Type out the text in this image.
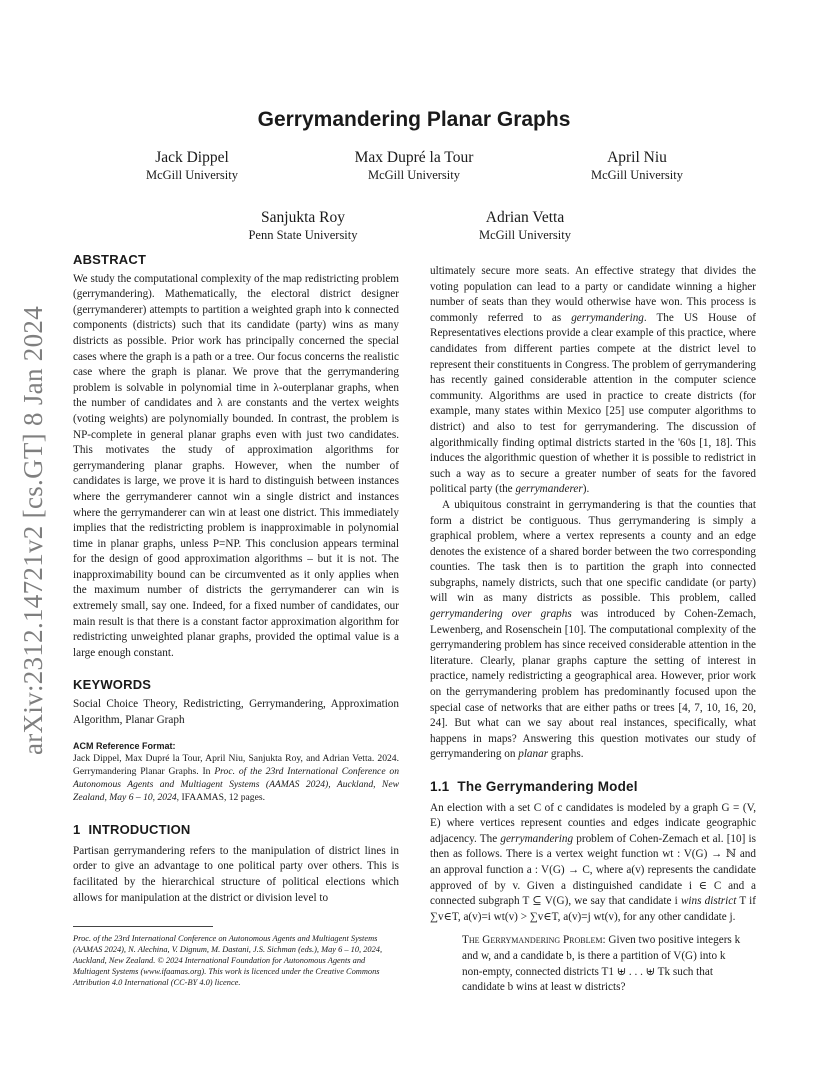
arXiv:2312.14721v2 [cs.GT] 8 Jan 2024
Gerrymandering Planar Graphs
Jack Dippel
McGill University
Max Dupré la Tour
McGill University
April Niu
McGill University
Sanjukta Roy
Penn State University
Adrian Vetta
McGill University
ABSTRACT

We study the computational complexity of the map redistricting problem (gerrymandering). Mathematically, the electoral district designer (gerrymanderer) attempts to partition a weighted graph into k connected components (districts) such that its candidate (party) wins as many districts as possible. Prior work has principally concerned the special cases where the graph is a path or a tree. Our focus concerns the realistic case where the graph is planar. We prove that the gerrymandering problem is solvable in polynomial time in λ-outerplanar graphs, when the number of candidates and λ are constants and the vertex weights (voting weights) are polynomially bounded. In contrast, the problem is NP-complete in general planar graphs even with just two candidates. This motivates the study of approximation algorithms for gerrymandering planar graphs. However, when the number of candidates is large, we prove it is hard to distinguish between instances where the gerrymanderer cannot win a single district and instances where the gerrymanderer can win at least one district. This immediately implies that the redistricting problem is inapproximable in polynomial time in planar graphs, unless P=NP. This conclusion appears terminal for the design of good approximation algorithms – but it is not. The inapproximability bound can be circumvented as it only applies when the maximum number of districts the gerrymanderer can win is extremely small, say one. Indeed, for a fixed number of candidates, our main result is that there is a constant factor approximation algorithm for redistricting unweighted planar graphs, provided the optimal value is a large enough constant.

KEYWORDS

Social Choice Theory, Redistricting, Gerrymandering, Approximation Algorithm, Planar Graph

ACM Reference Format:
Jack Dippel, Max Dupré la Tour, April Niu, Sanjukta Roy, and Adrian Vetta. 2024. Gerrymandering Planar Graphs. In Proc. of the 23rd International Conference on Autonomous Agents and Multiagent Systems (AAMAS 2024), Auckland, New Zealand, May 6 – 10, 2024, IFAAMAS, 12 pages.
1 INTRODUCTION

Partisan gerrymandering refers to the manipulation of district lines in order to give an advantage to one political party over others. This is facilitated by the hierarchical structure of political elections which allows for manipulation at the district or division level to

Proc. of the 23rd International Conference on Autonomous Agents and Multiagent Systems (AAMAS 2024), N. Alechina, V. Dignum, M. Dastani, J.S. Sichman (eds.), May 6 – 10, 2024, Auckland, New Zealand. © 2024 International Foundation for Autonomous Agents and Multiagent Systems (www.ifaamas.org). This work is licenced under the Creative Commons Attribution 4.0 International (CC-BY 4.0) licence.

ultimately secure more seats. An effective strategy that divides the voting population can lead to a party or candidate winning a higher number of seats than they would otherwise have won. This process is commonly referred to as gerrymandering. The US House of Representatives elections provide a clear example of this practice, where candidates from different parties compete at the district level to represent their constituents in Congress. The problem of gerrymandering has recently gained considerable attention in the computer science community. Algorithms are used in practice to create districts (for example, many states within Mexico [25] use computer algorithms to district) and also to test for gerrymandering. The discussion of algorithmically finding optimal districts started in the '60s [1, 18]. This induces the algorithmic question of whether it is possible to redistrict in such a way as to secure a greater number of seats for the favored political party (the gerrymanderer).

A ubiquitous constraint in gerrymandering is that the counties that form a district be contiguous. Thus gerrymandering is simply a graphical problem, where a vertex represents a county and an edge denotes the existence of a shared border between the two corresponding counties. The task then is to partition the graph into connected subgraphs, namely districts, such that one specific candidate (or party) will win as many districts as possible. This problem, called gerrymandering over graphs was introduced by Cohen-Zemach, Lewenberg, and Rosenschein [10]. The computational complexity of the gerrymandering problem has since received considerable attention in the literature. Clearly, planar graphs capture the setting of interest in practice, namely redistricting a geographical area. However, prior work on the gerrymandering problem has predominantly focused upon the special case of networks that are either paths or trees [4, 7, 10, 16, 20, 24]. But what can we say about real instances, specifically, what happens in maps? Answering this question motivates our study of gerrymandering on planar graphs.

1.1 The Gerrymandering Model

An election with a set C of c candidates is modeled by a graph G = (V, E) where vertices represent counties and edges indicate geographic adjacency. The gerrymandering problem of Cohen-Zemach et al. [10] is then as follows. There is a vertex weight function wt : V(G) → ℕ and an approval function a : V(G) → C, where a(v) represents the candidate approved of by v. Given a distinguished candidate i ∈ C and a connected subgraph T ⊆ V(G), we say that candidate i wins district T if ∑v∈T, a(v)=i wt(v) > ∑v∈T, a(v)=j wt(v), for any other candidate j.

The Gerrymandering Problem: Given two positive integers k and w, and a candidate b, is there a partition of V(G) into k non-empty, connected districts T1 ⊎ . . . ⊎ Tk such that candidate b wins at least w districts?
